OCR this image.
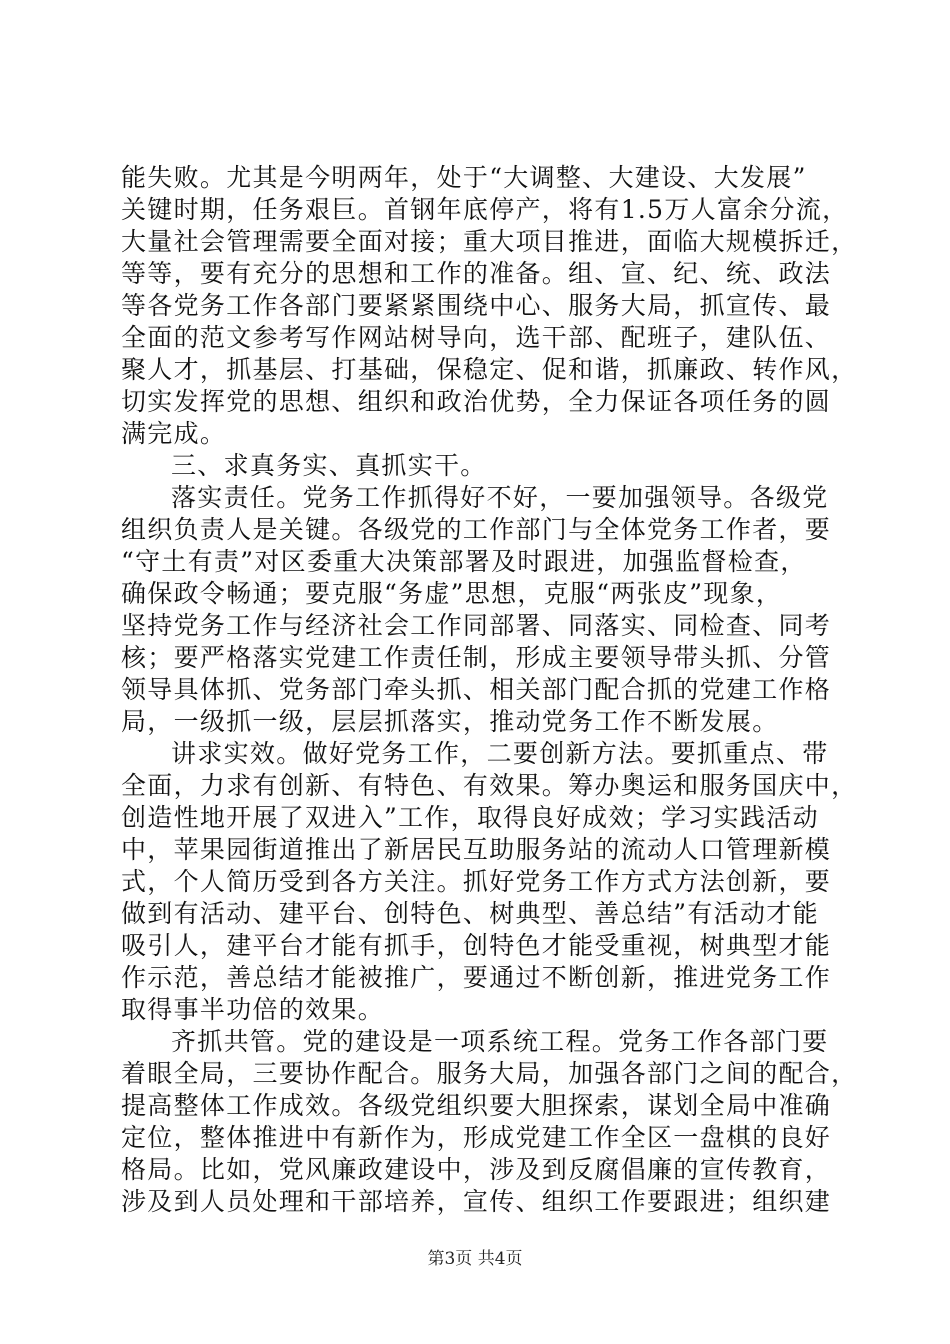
能失败。尤其是今明两年，处于“大调整、大建设、大发展”
关键时期，任务艰巨。首钢年底停产，将有1.5万人富余分流，
大量社会管理需要全面对接；重大项目推进，面临大规模拆迁，
等等，要有充分的思想和工作的准备。组、宣、纪、统、政法
等各党务工作各部门要紧紧围绕中心、服务大局，抓宣传、最
全面的范文参考写作网站树导向，选干部、配班子，建队伍、
聚人才，抓基层、打基础，保稳定、促和谐，抓廉政、转作风，
切实发挥党的思想、组织和政治优势，全力保证各项任务的圆
满完成。
三、求真务实、真抓实干。
落实责任。党务工作抓得好不好，一要加强领导。各级党
组织负责人是关键。各级党的工作部门与全体党务工作者，要
“守土有责”对区委重大决策部署及时跟进，加强监督检查，
确保政令畅通；要克服“务虚”思想，克服“两张皮”现象，
坚持党务工作与经济社会工作同部署、同落实、同检查、同考
核；要严格落实党建工作责任制，形成主要领导带头抓、分管
领导具体抓、党务部门牵头抓、相关部门配合抓的党建工作格
局，一级抓一级，层层抓落实，推动党务工作不断发展。
讲求实效。做好党务工作，二要创新方法。要抓重点、带
全面，力求有创新、有特色、有效果。筹办奥运和服务国庆中，
创造性地开展了双进入”工作，取得良好成效；学习实践活动
中，苹果园街道推出了新居民互助服务站的流动人口管理新模
式，个人简历受到各方关注。抓好党务工作方式方法创新，要
做到有活动、建平台、创特色、树典型、善总结”有活动才能
吸引人，建平台才能有抓手，创特色才能受重视，树典型才能
作示范，善总结才能被推广，要通过不断创新，推进党务工作
取得事半功倍的效果。
齐抓共管。党的建设是一项系统工程。党务工作各部门要
着眼全局，三要协作配合。服务大局，加强各部门之间的配合，
提高整体工作成效。各级党组织要大胆探索，谋划全局中准确
定位，整体推进中有新作为，形成党建工作全区一盘棋的良好
格局。比如，党风廉政建设中，涉及到反腐倡廉的宣传教育，
涉及到人员处理和干部培养，宣传、组织工作要跟进；组织建
第3页 共4页
